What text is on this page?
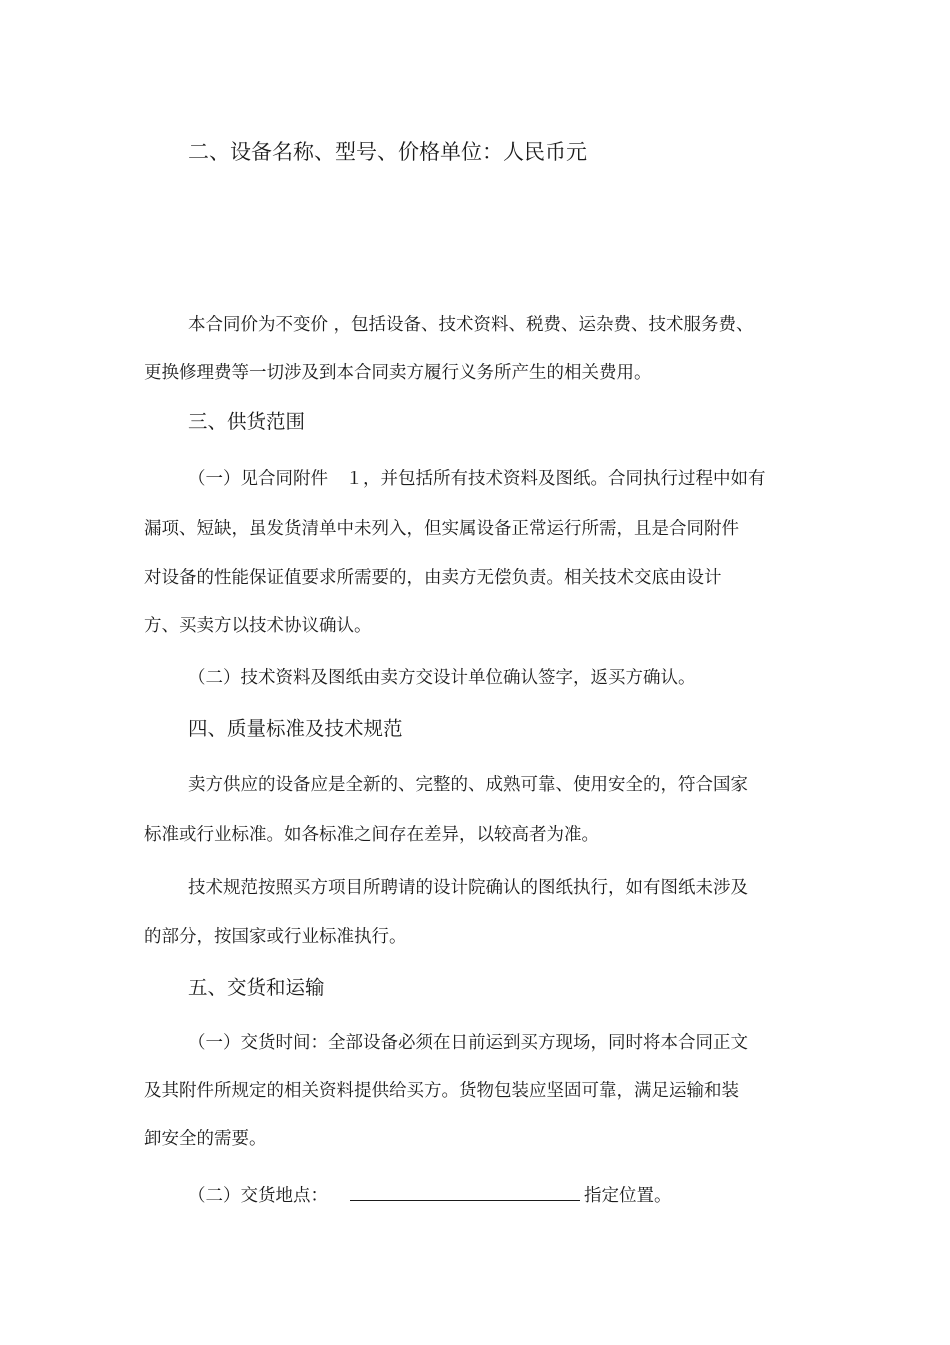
二、设备名称、型号、价格单位：人民币元
本合同价为不变价 ，包括设备、技术资料、税费、运杂费、技术服务费、
更换修理费等一切涉及到本合同卖方履行义务所产生的相关费用。
三、供货范围
（一）见合同附件　１，并包括所有技术资料及图纸。合同执行过程中如有
漏项、短缺，虽发货清单中未列入，但实属设备正常运行所需，且是合同附件
对设备的性能保证值要求所需要的，由卖方无偿负责。相关技术交底由设计
方、买卖方以技术协议确认。
（二）技术资料及图纸由卖方交设计单位确认签字，返买方确认。
四、质量标准及技术规范
卖方供应的设备应是全新的、完整的、成熟可靠、使用安全的，符合国家
标准或行业标准。如各标准之间存在差异，以较高者为准。
技术规范按照买方项目所聘请的设计院确认的图纸执行，如有图纸未涉及
的部分，按国家或行业标准执行。
五、交货和运输
（一）交货时间：全部设备必须在日前运到买方现场，同时将本合同正文
及其附件所规定的相关资料提供给买方。货物包装应坚固可靠，满足运输和装
卸安全的需要。
（二）交货地点：	指定位置。
